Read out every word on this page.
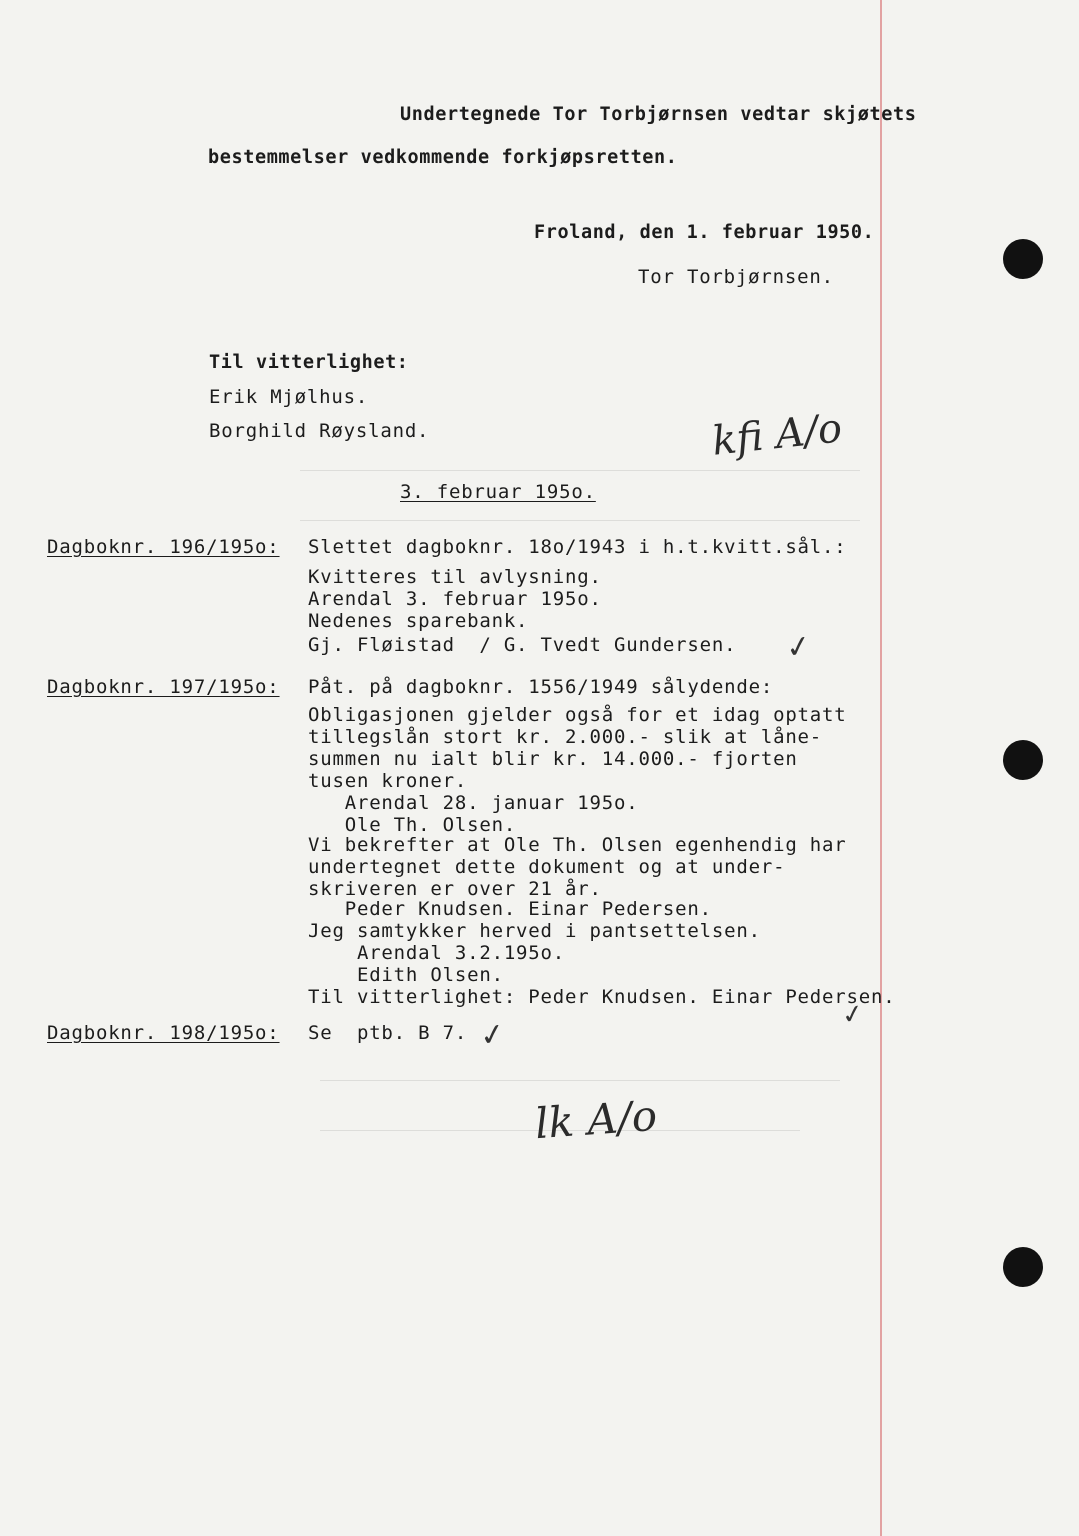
Undertegnede Tor Torbjørnsen vedtar skjøtets
bestemmelser vedkommende forkjøpsretten.
Froland, den 1. februar 1950.
Tor Torbjørnsen.
Til vitterlighet:
Erik Mjølhus.
Borghild Røysland.	kfi A/o
3. februar 195o.
Dagboknr. 196/195o: Slettet dagboknr. 18o/1943 i h.t.kvitt.sål.:
Kvitteres til avlysning.
Arendal 3. februar 195o.
Nedenes sparebank.
Gj. Fløistad  / G. Tvedt Gundersen. ✓
Dagboknr. 197/195o: Påt. på dagboknr. 1556/1949 sålydende:
Obligasjonen gjelder også for et idag optatt
tillegslån stort kr. 2.000.- slik at låne-
summen nu ialt blir kr. 14.000.- fjorten
tusen kroner.
Arendal 28. januar 195o.
Ole Th. Olsen.
Vi bekrefter at Ole Th. Olsen egenhendig har
undertegnet dette dokument og at under-
skriveren er over 21 år.
Peder Knudsen. Einar Pedersen.
Jeg samtykker herved i pantsettelsen.
Arendal 3.2.195o.
Edith Olsen.
Til vitterlighet: Peder Knudsen. Einar Pedersen.
✓
Dagboknr. 198/195o: Se  ptb. B 7. ✓
lk A/o
